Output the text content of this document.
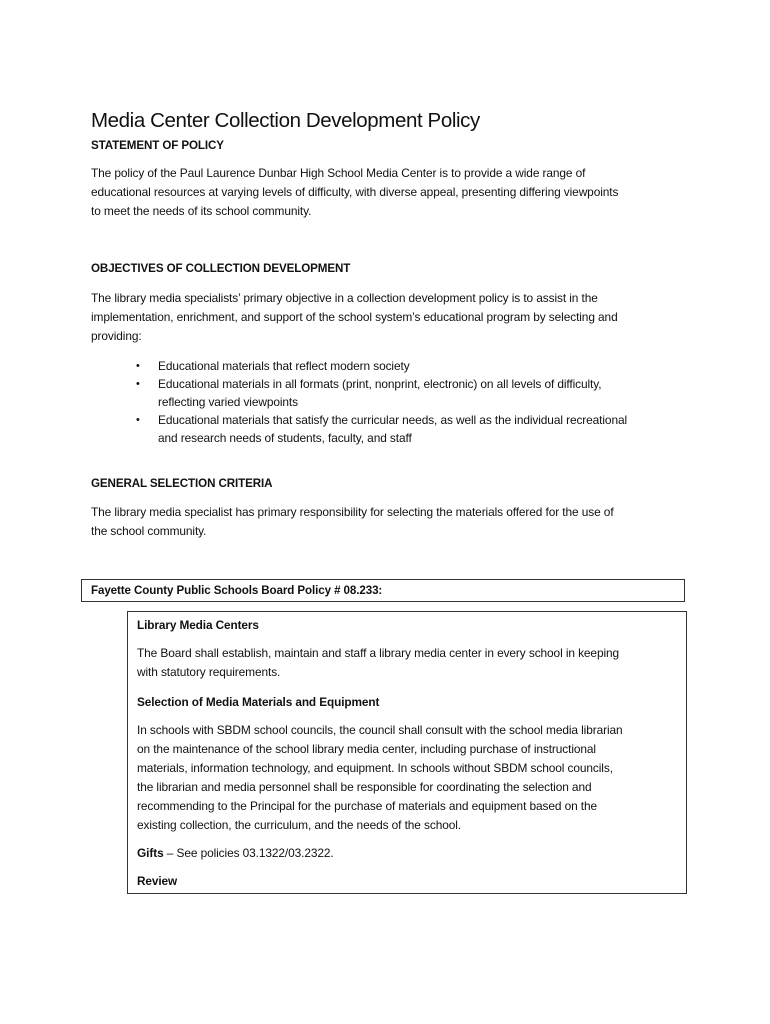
Media Center Collection Development Policy
STATEMENT OF POLICY
The policy of the Paul Laurence Dunbar High School Media Center is to provide a wide range of
educational resources at varying levels of difficulty, with diverse appeal, presenting differing viewpoints
to meet the needs of its school community.
OBJECTIVES OF COLLECTION DEVELOPMENT
The library media specialists’ primary objective in a collection development policy is to assist in the
implementation, enrichment, and support of the school system’s educational program by selecting and
providing:
• Educational materials that reflect modern society
• Educational materials in all formats (print, nonprint, electronic) on all levels of difficulty,
reflecting varied viewpoints
• Educational materials that satisfy the curricular needs, as well as the individual recreational
and research needs of students, faculty, and staff
GENERAL SELECTION CRITERIA
The library media specialist has primary responsibility for selecting the materials offered for the use of
the school community.
Fayette County Public Schools Board Policy # 08.233:
Library Media Centers
The Board shall establish, maintain and staff a library media center in every school in keeping
with statutory requirements.
Selection of Media Materials and Equipment
In schools with SBDM school councils, the council shall consult with the school media librarian
on the maintenance of the school library media center, including purchase of instructional
materials, information technology, and equipment. In schools without SBDM school councils,
the librarian and media personnel shall be responsible for coordinating the selection and
recommending to the Principal for the purchase of materials and equipment based on the
existing collection, the curriculum, and the needs of the school.
Gifts – See policies 03.1322/03.2322.
Review
